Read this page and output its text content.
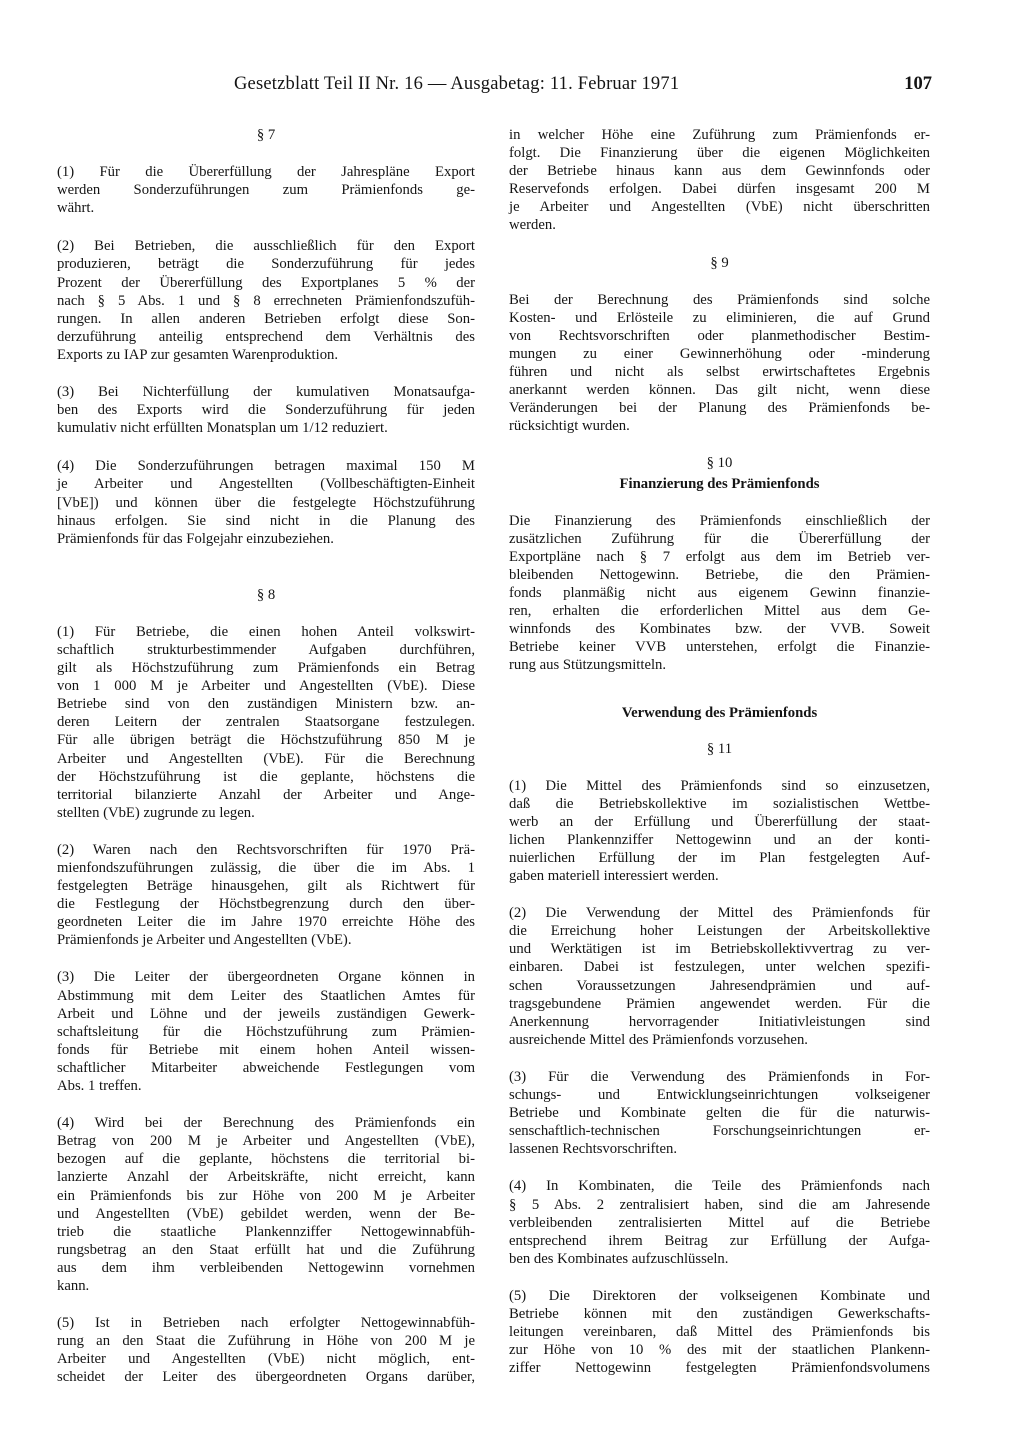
Gesetzblatt Teil II Nr. 16 — Ausgabetag: 11. Februar 1971	107
§ 7
(1) Für die Übererfüllung der Jahrespläne Export
werden Sonderzuführungen zum Prämienfonds ge-
währt.
(2) Bei Betrieben, die ausschließlich für den Export
produzieren, beträgt die Sonderzuführung für jedes
Prozent der Übererfüllung des Exportplanes 5 % der
nach § 5 Abs. 1 und § 8 errechneten Prämienfondszufüh-
rungen. In allen anderen Betrieben erfolgt diese Son-
derzuführung anteilig entsprechend dem Verhältnis des
Exports zu IAP zur gesamten Warenproduktion.
(3) Bei Nichterfüllung der kumulativen Monatsaufga-
ben des Exports wird die Sonderzuführung für jeden
kumulativ nicht erfüllten Monatsplan um 1/12 reduziert.
(4) Die Sonderzuführungen betragen maximal 150 M
je Arbeiter und Angestellten (Vollbeschäftigten-Einheit
[VbE]) und können über die festgelegte Höchstzuführung
hinaus erfolgen. Sie sind nicht in die Planung des
Prämienfonds für das Folgejahr einzubeziehen.
§ 8
(1) Für Betriebe, die einen hohen Anteil volkswirt-
schaftlich strukturbestimmender Aufgaben durchführen,
gilt als Höchstzuführung zum Prämienfonds ein Betrag
von 1 000 M je Arbeiter und Angestellten (VbE). Diese
Betriebe sind von den zuständigen Ministern bzw. an-
deren Leitern der zentralen Staatsorgane festzulegen.
Für alle übrigen beträgt die Höchstzuführung 850 M je
Arbeiter und Angestellten (VbE). Für die Berechnung
der Höchstzuführung ist die geplante, höchstens die
territorial bilanzierte Anzahl der Arbeiter und Ange-
stellten (VbE) zugrunde zu legen.
(2) Waren nach den Rechtsvorschriften für 1970 Prä-
mienfondszuführungen zulässig, die über die im Abs. 1
festgelegten Beträge hinausgehen, gilt als Richtwert für
die Festlegung der Höchstbegrenzung durch den über-
geordneten Leiter die im Jahre 1970 erreichte Höhe des
Prämienfonds je Arbeiter und Angestellten (VbE).
(3) Die Leiter der übergeordneten Organe können in
Abstimmung mit dem Leiter des Staatlichen Amtes für
Arbeit und Löhne und der jeweils zuständigen Gewerk-
schaftsleitung für die Höchstzuführung zum Prämien-
fonds für Betriebe mit einem hohen Anteil wissen-
schaftlicher Mitarbeiter abweichende Festlegungen vom
Abs. 1 treffen.
(4) Wird bei der Berechnung des Prämienfonds ein
Betrag von 200 M je Arbeiter und Angestellten (VbE),
bezogen auf die geplante, höchstens die territorial bi-
lanzierte Anzahl der Arbeitskräfte, nicht erreicht, kann
ein Prämienfonds bis zur Höhe von 200 M je Arbeiter
und Angestellten (VbE) gebildet werden, wenn der Be-
trieb die staatliche Plankennziffer Nettogewinnabfüh-
rungsbetrag an den Staat erfüllt hat und die Zuführung
aus dem ihm verbleibenden Nettogewinn vornehmen
kann.
(5) Ist in Betrieben nach erfolgter Nettogewinnabfüh-
rung an den Staat die Zuführung in Höhe von 200 M je
Arbeiter und Angestellten (VbE) nicht möglich, ent-
scheidet der Leiter des übergeordneten Organs darüber,
in welcher Höhe eine Zuführung zum Prämienfonds er-
folgt. Die Finanzierung über die eigenen Möglichkeiten
der Betriebe hinaus kann aus dem Gewinnfonds oder
Reservefonds erfolgen. Dabei dürfen insgesamt 200 M
je Arbeiter und Angestellten (VbE) nicht überschritten
werden.
§ 9
Bei der Berechnung des Prämienfonds sind solche
Kosten- und Erlösteile zu eliminieren, die auf Grund
von Rechtsvorschriften oder planmethodischer Bestim-
mungen zu einer Gewinnerhöhung oder -minderung
führen und nicht als selbst erwirtschaftetes Ergebnis
anerkannt werden können. Das gilt nicht, wenn diese
Veränderungen bei der Planung des Prämienfonds be-
rücksichtigt wurden.
§ 10
Finanzierung des Prämienfonds
Die Finanzierung des Prämienfonds einschließlich der
zusätzlichen Zuführung für die Übererfüllung der
Exportpläne nach § 7 erfolgt aus dem im Betrieb ver-
bleibenden Nettogewinn. Betriebe, die den Prämien-
fonds planmäßig nicht aus eigenem Gewinn finanzie-
ren, erhalten die erforderlichen Mittel aus dem Ge-
winnfonds des Kombinates bzw. der VVB. Soweit
Betriebe keiner VVB unterstehen, erfolgt die Finanzie-
rung aus Stützungsmitteln.
Verwendung des Prämienfonds
§ 11
(1) Die Mittel des Prämienfonds sind so einzusetzen,
daß die Betriebskollektive im sozialistischen Wettbe-
werb an der Erfüllung und Übererfüllung der staat-
lichen Plankennziffer Nettogewinn und an der konti-
nuierlichen Erfüllung der im Plan festgelegten Auf-
gaben materiell interessiert werden.
(2) Die Verwendung der Mittel des Prämienfonds für
die Erreichung hoher Leistungen der Arbeitskollektive
und Werktätigen ist im Betriebskollektivvertrag zu ver-
einbaren. Dabei ist festzulegen, unter welchen spezifi-
schen Voraussetzungen Jahresendprämien und auf-
tragsgebundene Prämien angewendet werden. Für die
Anerkennung hervorragender Initiativleistungen sind
ausreichende Mittel des Prämienfonds vorzusehen.
(3) Für die Verwendung des Prämienfonds in For-
schungs- und Entwicklungseinrichtungen volkseigener
Betriebe und Kombinate gelten die für die naturwis-
senschaftlich-technischen Forschungseinrichtungen er-
lassenen Rechtsvorschriften.
(4) In Kombinaten, die Teile des Prämienfonds nach
§ 5 Abs. 2 zentralisiert haben, sind die am Jahresende
verbleibenden zentralisierten Mittel auf die Betriebe
entsprechend ihrem Beitrag zur Erfüllung der Aufga-
ben des Kombinates aufzuschlüsseln.
(5) Die Direktoren der volkseigenen Kombinate und
Betriebe können mit den zuständigen Gewerkschafts-
leitungen vereinbaren, daß Mittel des Prämienfonds bis
zur Höhe von 10 % des mit der staatlichen Plankenn-
ziffer Nettogewinn festgelegten Prämienfondsvolumens
